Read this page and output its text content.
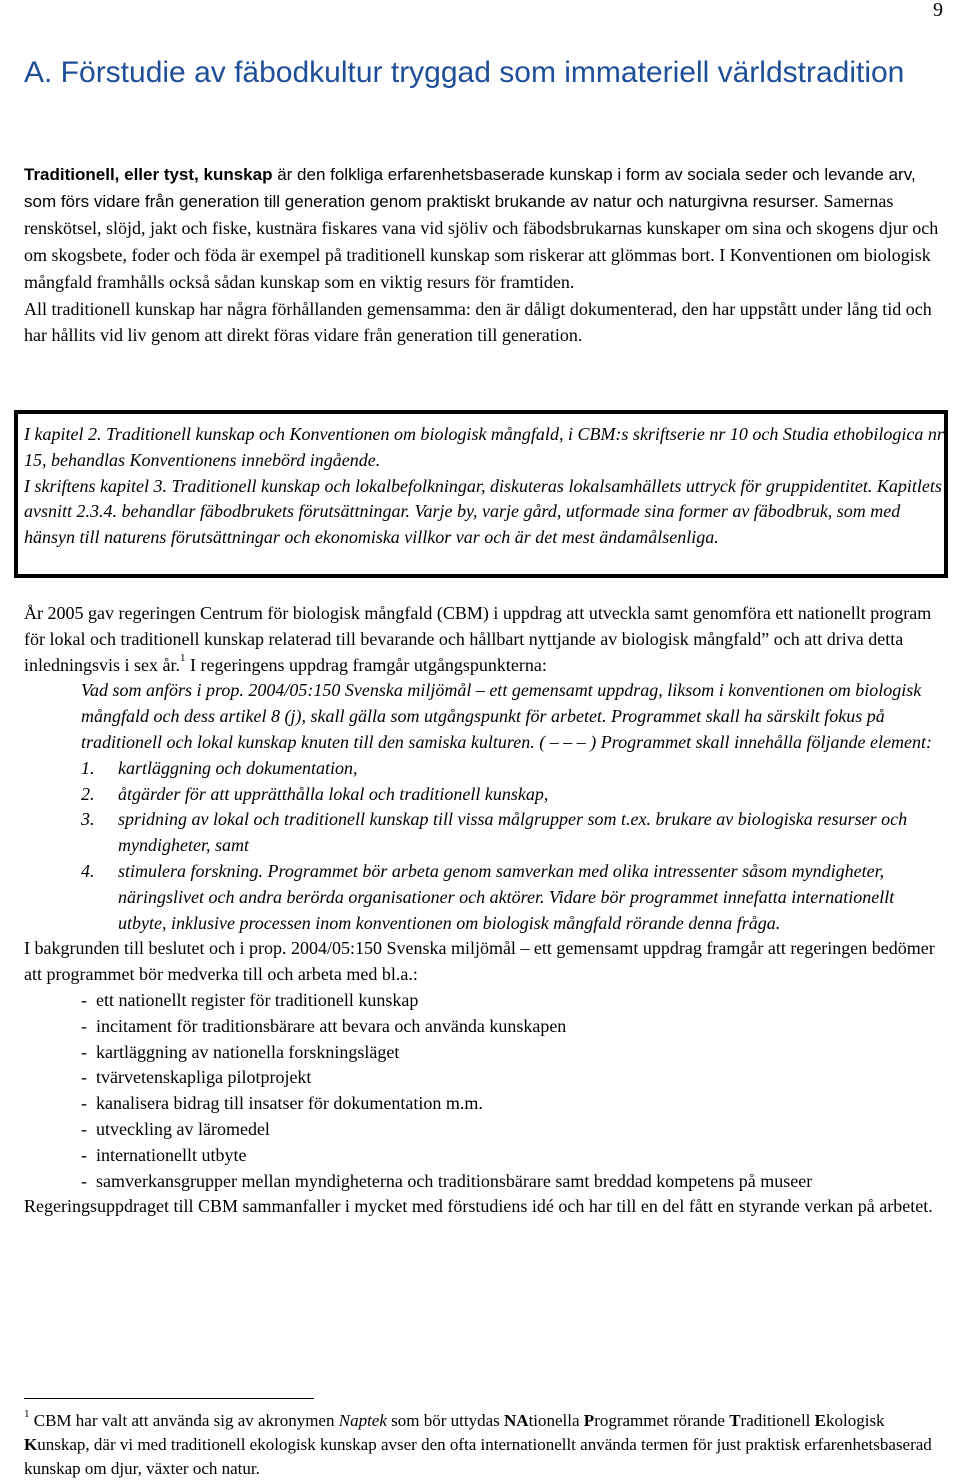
9
A. Förstudie av fäbodkultur tryggad som immateriell världstradition

Traditionell, eller tyst, kunskap är den folkliga erfarenhetsbaserade kunskap i form av sociala seder och levande arv, som förs vidare från generation till generation genom praktiskt brukande av natur och naturgivna resurser. Samernas renskötsel, slöjd, jakt och fiske, kustnära fiskares vana vid sjöliv och fäbodsbrukarnas kunskaper om sina och skogens djur och om skogsbete, foder och föda är exempel på traditionell kunskap som riskerar att glömmas bort. I Konventionen om biologisk mångfald framhålls också sådan kunskap som en viktig resurs för framtiden.

All traditionell kunskap har några förhållanden gemensamma: den är dåligt dokumenterad, den har uppstått under lång tid och har hållits vid liv genom att direkt föras vidare från generation till generation.

I kapitel 2. Traditionell kunskap och Konventionen om biologisk mångfald, i CBM:s skriftserie nr 10 och Studia ethobilogica nr 15, behandlas Konventionens innebörd ingående.

I skriftens kapitel 3. Traditionell kunskap och lokalbefolkningar, diskuteras lokalsamhällets uttryck för gruppidentitet. Kapitlets avsnitt 2.3.4. behandlar fäbodbrukets förutsättningar. Varje by, varje gård, utformade sina former av fäbodbruk, som med hänsyn till naturens förutsättningar och ekonomiska villkor var och är det mest ändamålsenliga.

År 2005 gav regeringen Centrum för biologisk mångfald (CBM) i uppdrag att utveckla samt genomföra ett nationellt program för lokal och traditionell kunskap relaterad till bevarande och hållbart nyttjande av biologisk mångfald” och att driva detta inledningsvis i sex år.$^1$ I regeringens uppdrag framgår utgångspunkterna:

Vad som anförs i prop. 2004/05:150 Svenska miljömål – ett gemensamt uppdrag, liksom i konventionen om biologisk mångfald och dess artikel 8 (j), skall gälla som utgångspunkt för arbetet. Programmet skall ha särskilt fokus på traditionell och lokal kunskap knuten till den samiska kulturen. ( – – – ) Programmet skall innehålla följande element:

1. kartläggning och dokumentation,
2. åtgärder för att upprätthålla lokal och traditionell kunskap,
3. spridning av lokal och traditionell kunskap till vissa målgrupper som t.ex. brukare av biologiska resurser och myndigheter, samt
4. stimulera forskning. Programmet bör arbeta genom samverkan med olika intressenter såsom myndigheter, näringslivet och andra berörda organisationer och aktörer. Vidare bör programmet innefatta internationellt utbyte, inklusive processen inom konventionen om biologisk mångfald rörande denna fråga.

I bakgrunden till beslutet och i prop. 2004/05:150 Svenska miljömål – ett gemensamt uppdrag framgår att regeringen bedömer att programmet bör medverka till och arbeta med bl.a.:

- ett nationellt register för traditionell kunskap
- incitament för traditionsbärare att bevara och använda kunskapen
- kartläggning av nationella forskningsläget
- tvärvetenskapliga pilotprojekt
- kanalisera bidrag till insatser för dokumentation m.m.
- utveckling av läromedel
- internationellt utbyte
- samverkansgrupper mellan myndigheterna och traditionsbärare samt breddad kompetens på museer

Regeringsuppdraget till CBM sammanfaller i mycket med förstudiens idé och har till en del fått en styrande verkan på arbetet.

$^1$ CBM har valt att använda sig av akronymen Naptek som bör uttydas NAtionella Programmet rörande Traditionell Ekologisk Kunskap, där vi med traditionell ekologisk kunskap avser den ofta internationellt använda termen för just praktisk erfarenhetsbaserad kunskap om djur, växter och natur.
